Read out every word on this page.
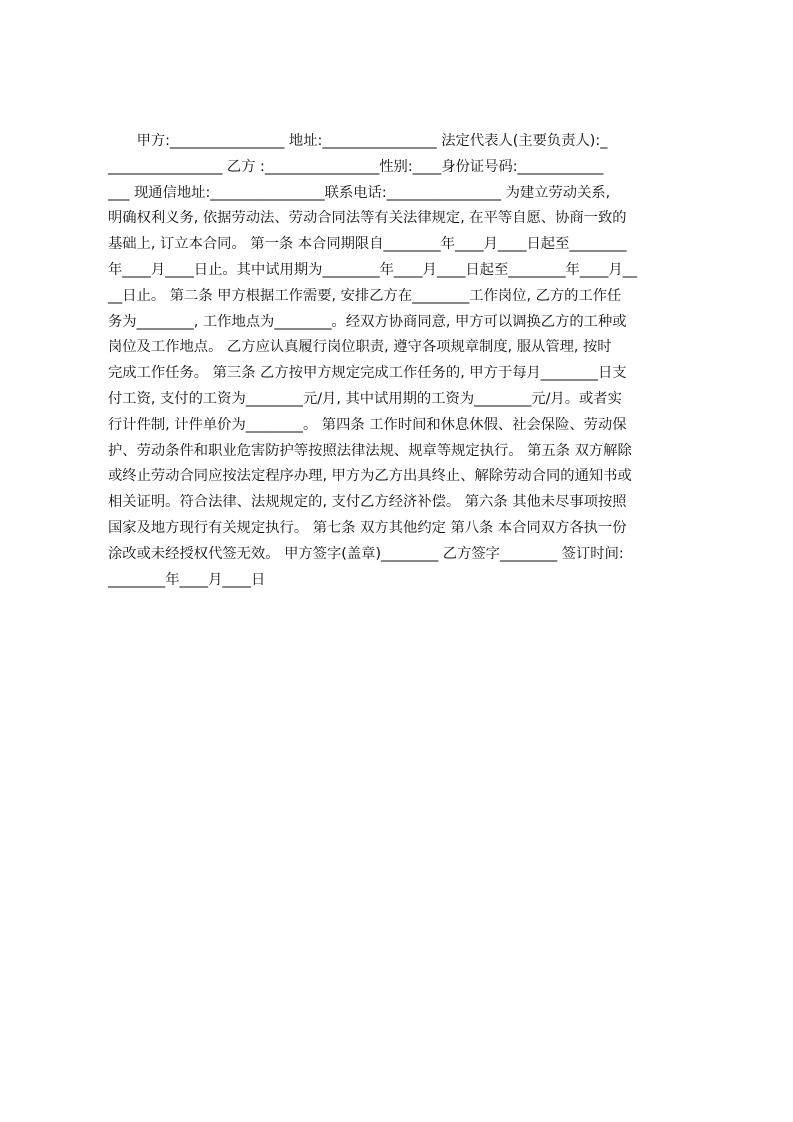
　　甲方:________________ 地址:________________ 法定代表人(主要负责人):_
________________ 乙方 :________________性别:____身份证号码:____________
___ 现通信地址:________________联系电话:________________ 为建立劳动关系,
明确权利义务, 依据劳动法、劳动合同法等有关法律规定, 在平等自愿、协商一致的
基础上, 订立本合同。 第一条 本合同期限自________年____月____日起至________
年____月____日止。其中试用期为________年____月____日起至________年____月__
__日止。 第二条 甲方根据工作需要, 安排乙方在________工作岗位, 乙方的工作任
务为________, 工作地点为________。经双方协商同意, 甲方可以调换乙方的工种或
岗位及工作地点。 乙方应认真履行岗位职责, 遵守各项规章制度, 服从管理, 按时
完成工作任务。 第三条 乙方按甲方规定完成工作任务的, 甲方于每月________日支
付工资, 支付的工资为________元/月, 其中试用期的工资为________元/月。或者实
行计件制, 计件单价为________。 第四条 工作时间和休息休假、社会保险、劳动保
护、劳动条件和职业危害防护等按照法律法规、规章等规定执行。 第五条 双方解除
或终止劳动合同应按法定程序办理, 甲方为乙方出具终止、解除劳动合同的通知书或
相关证明。符合法律、法规规定的, 支付乙方经济补偿。 第六条 其他未尽事项按照
国家及地方现行有关规定执行。 第七条 双方其他约定 第八条 本合同双方各执一份
涂改或未经授权代签无效。 甲方签字(盖章)________ 乙方签字________ 签订时间:
________年____月____日
